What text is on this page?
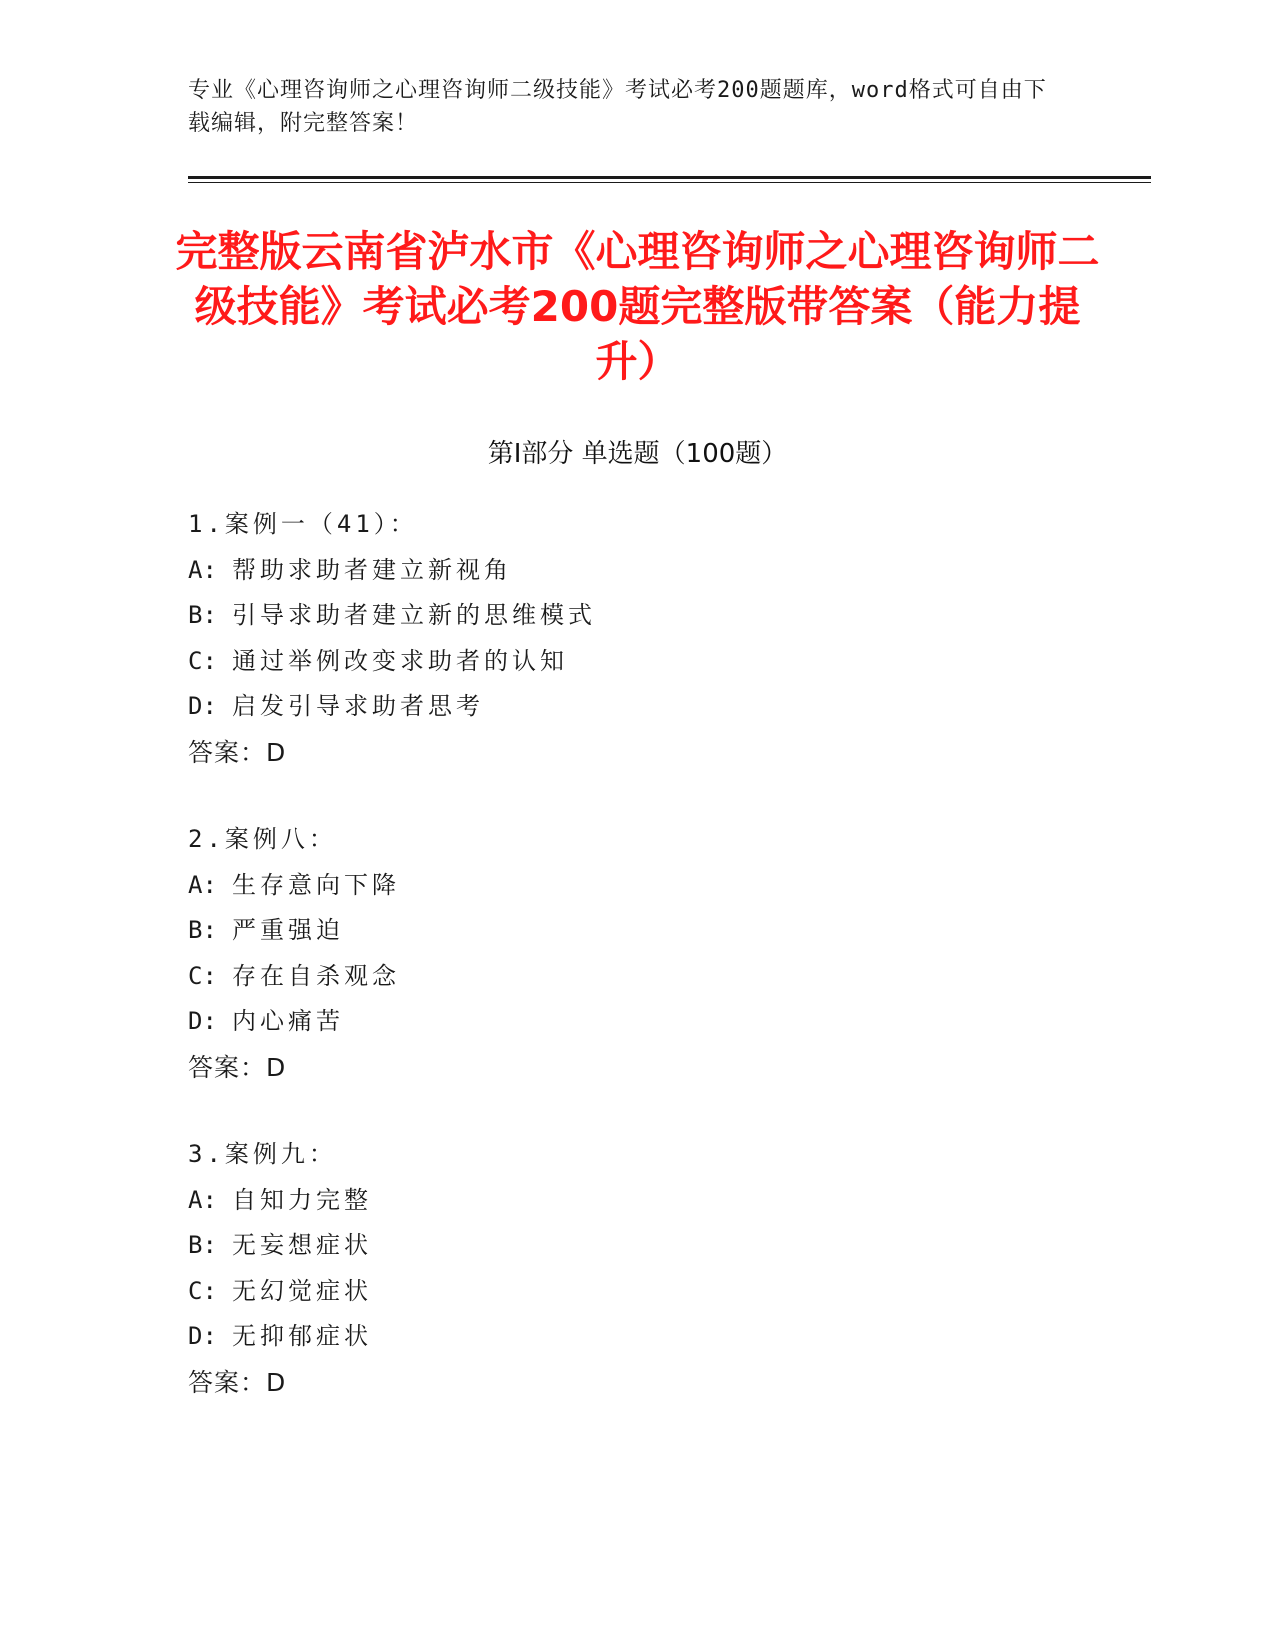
专业《心理咨询师之心理咨询师二级技能》考试必考200题题库，word格式可自由下载编辑，附完整答案！
完整版云南省泸水市《心理咨询师之心理咨询师二级技能》考试必考200题完整版带答案（能力提升）
第Ⅰ部分 单选题（100题）
1.案例一（41）：
A: 帮助求助者建立新视角
B: 引导求助者建立新的思维模式
C: 通过举例改变求助者的认知
D: 启发引导求助者思考
答案：D
2.案例八：
A: 生存意向下降
B: 严重强迫
C: 存在自杀观念
D: 内心痛苦
答案：D
3.案例九：
A: 自知力完整
B: 无妄想症状
C: 无幻觉症状
D: 无抑郁症状
答案：D
